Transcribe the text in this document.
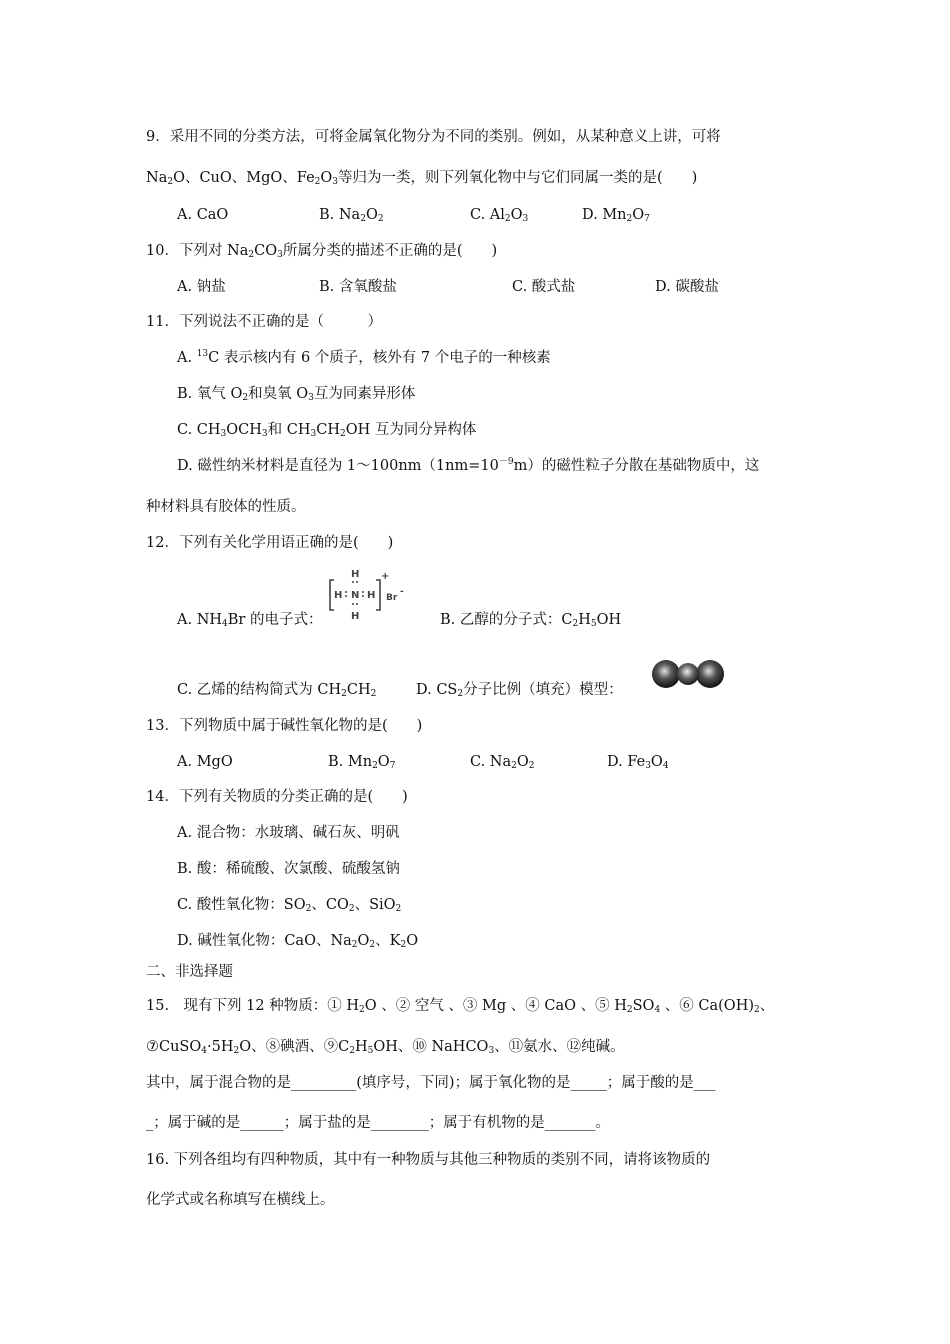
9．采用不同的分类方法，可将金属氧化物分为不同的类别。例如，从某种意义上讲，可将
$Na_2O$、CuO、MgO、$Fe_2O_3$等归为一类，则下列氧化物中与它们同属一类的是(　　)
A. CaO	B. $Na_2O_2$	C. $Al_2O_3$	D. $Mn_2O_7$
10．下列对 $Na_2CO_3$所属分类的描述不正确的是(　　)
A. 钠盐	B. 含氧酸盐	C. 酸式盐	D. 碳酸盐
11．下列说法不正确的是（　　　）
A. $^{13}$C 表示核内有 6 个质子，核外有 7 个电子的一种核素
B. 氧气 $O_2$和臭氧 $O_3$互为同素异形体
C. $CH_3OCH_3$和 $CH_3CH_2OH$ 互为同分异构体
D. 磁性纳米材料是直径为 $1\sim 100nm(1nm=10^{-9}m)$的磁性粒子分散在基础物质中，这
种材料具有胶体的性质。
12．下列有关化学用语正确的是(　　)
A. $NH_4Br$ 的电子式：
H
H N H
H
+
Br
-
B. 乙醇的分子式：$C_2H_5OH$
C. 乙烯的结构简式为 $CH_2CH_2$	D. $CS_2$分子比例（填充）模型：
13．下列物质中属于碱性氧化物的是(　　)
A. MgO	B. $Mn_2O_7$	C. $Na_2O_2$	D. $Fe_3O_4$
14．下列有关物质的分类正确的是(　　)
A. 混合物：水玻璃、碱石灰、明矾
B. 酸：稀硫酸、次氯酸、硫酸氢钠
C. 酸性氧化物：$SO_2$、$CO_2$、SiO$_2$
D. 碱性氧化物：CaO、$Na_2O_2$、$K_2O$
二、非选择题
15.　现有下列 12 种物质：① $H_2O$ 、② 空气 、③ Mg 、④ CaO 、⑤ $H_2SO_4$ 、⑥ $Ca(OH)_2$、
$⑦CuSO_4\cdot 5H_2O$、⑧碘酒、$⑨C_2H_5OH$、⑩ NaHCO$_3$、⑪氨水、⑫纯碱。
其中，属于混合物的是_________(填序号，下同)；属于氧化物的是_____；属于酸的是___
_；属于碱的是______；属于盐的是________；属于有机物的是_______。
16. 下列各组均有四种物质，其中有一种物质与其他三种物质的类别不同，请将该物质的
化学式或名称填写在横线上。
